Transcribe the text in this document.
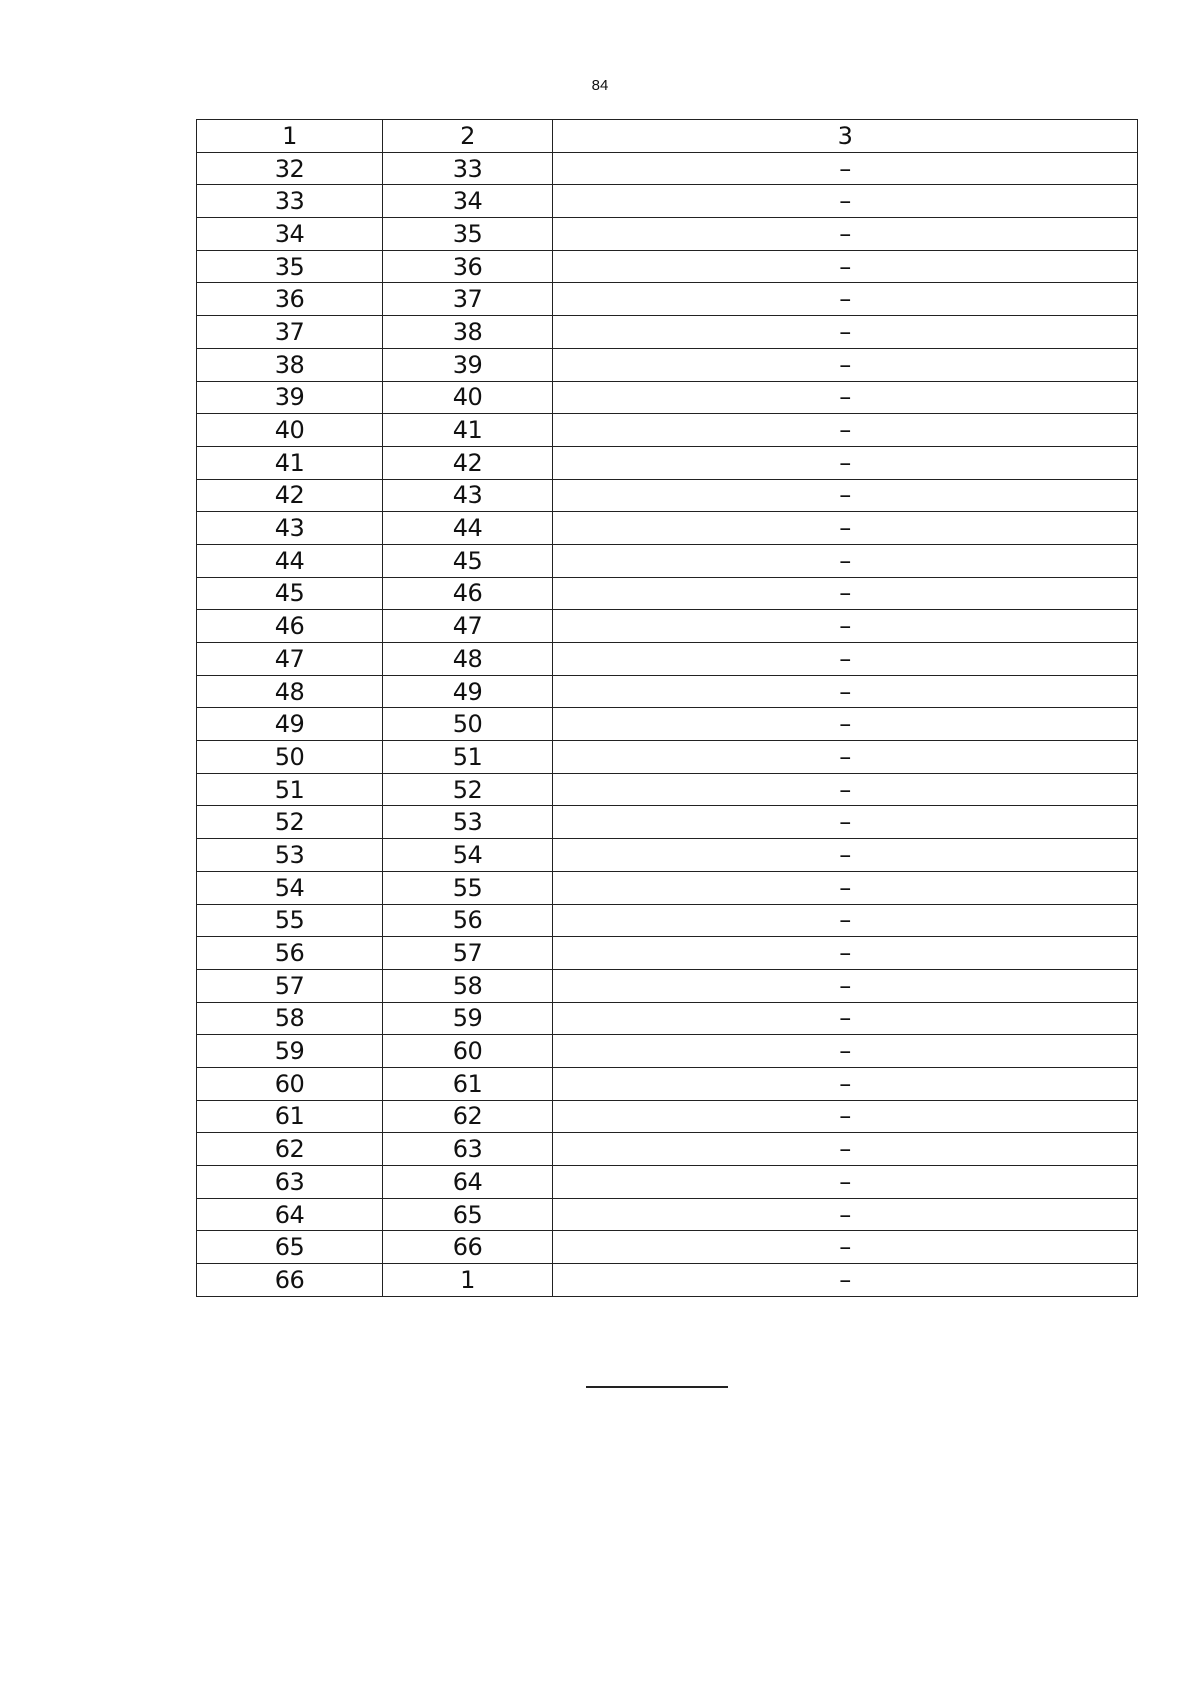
84
1	2	3
32	33	–
33	34	–
34	35	–
35	36	–
36	37	–
37	38	–
38	39	–
39	40	–
40	41	–
41	42	–
42	43	–
43	44	–
44	45	–
45	46	–
46	47	–
47	48	–
48	49	–
49	50	–
50	51	–
51	52	–
52	53	–
53	54	–
54	55	–
55	56	–
56	57	–
57	58	–
58	59	–
59	60	–
60	61	–
61	62	–
62	63	–
63	64	–
64	65	–
65	66	–
66	1	–
